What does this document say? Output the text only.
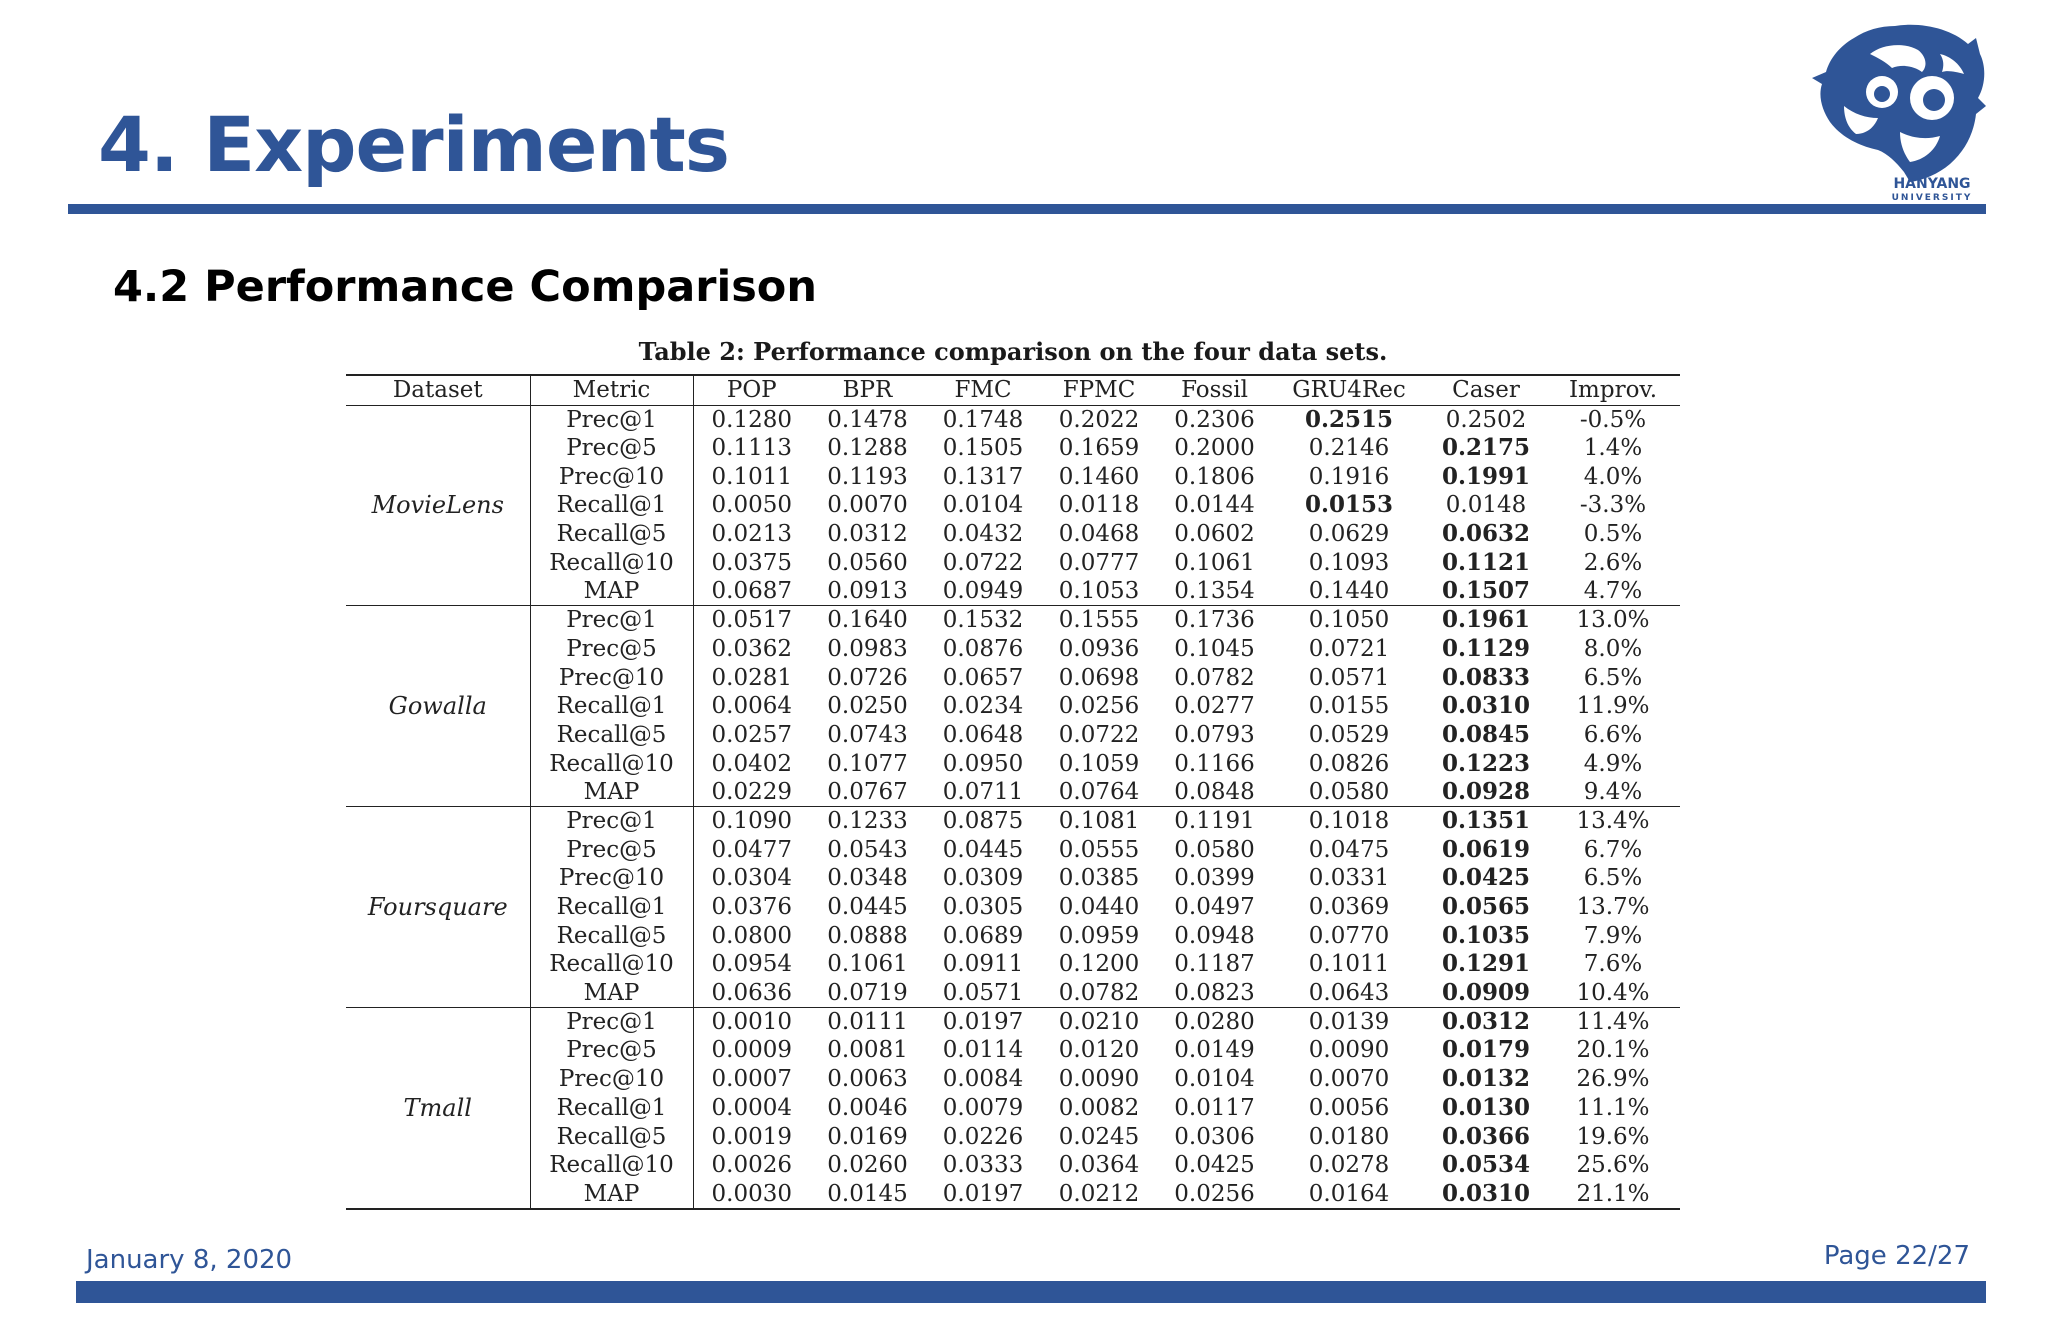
4. Experiments	HANYANG
UNIVERSITY
4.2 Performance Comparison
Table 2: Performance comparison on the four data sets.
Dataset	Metric	POP	BPR	FMC	FPMC	Fossil	GRU4Rec	Caser	Improv.
MovieLens	Prec@1	0.1280	0.1478	0.1748	0.2022	0.2306	0.2515	0.2502	-0.5%
	Prec@5	0.1113	0.1288	0.1505	0.1659	0.2000	0.2146	0.2175	1.4%
	Prec@10	0.1011	0.1193	0.1317	0.1460	0.1806	0.1916	0.1991	4.0%
	Recall@1	0.0050	0.0070	0.0104	0.0118	0.0144	0.0153	0.0148	-3.3%
	Recall@5	0.0213	0.0312	0.0432	0.0468	0.0602	0.0629	0.0632	0.5%
	Recall@10	0.0375	0.0560	0.0722	0.0777	0.1061	0.1093	0.1121	2.6%
	MAP	0.0687	0.0913	0.0949	0.1053	0.1354	0.1440	0.1507	4.7%
Gowalla	Prec@1	0.0517	0.1640	0.1532	0.1555	0.1736	0.1050	0.1961	13.0%
	Prec@5	0.0362	0.0983	0.0876	0.0936	0.1045	0.0721	0.1129	8.0%
	Prec@10	0.0281	0.0726	0.0657	0.0698	0.0782	0.0571	0.0833	6.5%
	Recall@1	0.0064	0.0250	0.0234	0.0256	0.0277	0.0155	0.0310	11.9%
	Recall@5	0.0257	0.0743	0.0648	0.0722	0.0793	0.0529	0.0845	6.6%
	Recall@10	0.0402	0.1077	0.0950	0.1059	0.1166	0.0826	0.1223	4.9%
	MAP	0.0229	0.0767	0.0711	0.0764	0.0848	0.0580	0.0928	9.4%
Foursquare	Prec@1	0.1090	0.1233	0.0875	0.1081	0.1191	0.1018	0.1351	13.4%
	Prec@5	0.0477	0.0543	0.0445	0.0555	0.0580	0.0475	0.0619	6.7%
	Prec@10	0.0304	0.0348	0.0309	0.0385	0.0399	0.0331	0.0425	6.5%
	Recall@1	0.0376	0.0445	0.0305	0.0440	0.0497	0.0369	0.0565	13.7%
	Recall@5	0.0800	0.0888	0.0689	0.0959	0.0948	0.0770	0.1035	7.9%
	Recall@10	0.0954	0.1061	0.0911	0.1200	0.1187	0.1011	0.1291	7.6%
	MAP	0.0636	0.0719	0.0571	0.0782	0.0823	0.0643	0.0909	10.4%
Tmall	Prec@1	0.0010	0.0111	0.0197	0.0210	0.0280	0.0139	0.0312	11.4%
	Prec@5	0.0009	0.0081	0.0114	0.0120	0.0149	0.0090	0.0179	20.1%
	Prec@10	0.0007	0.0063	0.0084	0.0090	0.0104	0.0070	0.0132	26.9%
	Recall@1	0.0004	0.0046	0.0079	0.0082	0.0117	0.0056	0.0130	11.1%
	Recall@5	0.0019	0.0169	0.0226	0.0245	0.0306	0.0180	0.0366	19.6%
	Recall@10	0.0026	0.0260	0.0333	0.0364	0.0425	0.0278	0.0534	25.6%
	MAP	0.0030	0.0145	0.0197	0.0212	0.0256	0.0164	0.0310	21.1%
January 8, 2020	Page 22/27
